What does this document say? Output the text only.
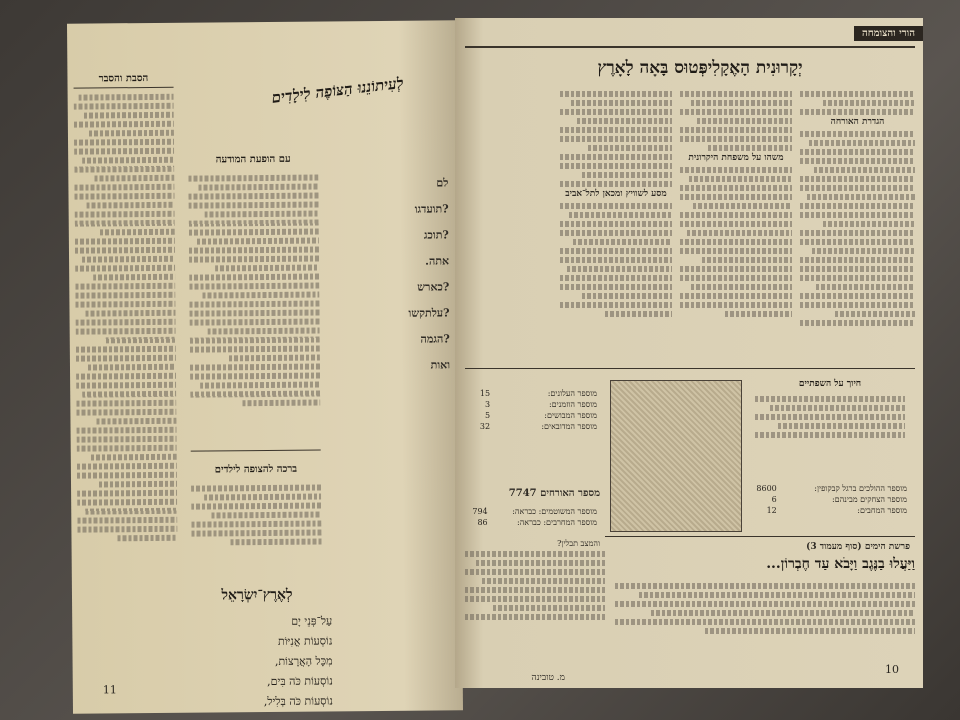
הסבת והסבר
11
לְעִיתוֹנֵנוּ הַצּוֹפֶה לִילָדִים
עם הופעת המודעה
ברכה להצופה לילדים
לְאֶרֶץ־יִשְׂרָאֵל
עַל־פְּנֵי יָם
נוֹסְעוֹת אֳנִיּוֹת
מִכָּל הָאֲרָצוֹת,
נוֹסְעוֹת כֹּה בִּים,
נוֹסְעוֹת כֹּה בְּלִיל,
לם
?תועדגו
?תוכג
אתה.
?כארש
?עלתקשו
?הגמה
ואות
הורי והצומחה
יְקָרוּנִית הָאֶקָלִיפְּטוּס בָּאָה לָאָרֶץ
הגדרת האורחה
משהו על משפחת היקרונית
מסע לשוויץ ומכאן לתל־אביב
חיוך על השפתיים
מוספר ההולכים ברגל קבקופין:	8600
מוספר הצחקים מבינהם:	6
מוספר המחבים:	12
מוספר העלונים:	15
מוספר הוזמנים:	3
מוספר המבושים:	5
מוספר המדובאים:	32
מספר האורחים 7747
מוספר המשוטמים: כבראה:	794
מוספר המחרבים: כבראה:	86
והמצב תבלין?	פרשת הימים (סוף מעמוד 3)
וַיַּעֲלוּ בַנֶּגֶב וַיָּבֹא עַד חֶבְרוֹן...
מ. טובינה
10
